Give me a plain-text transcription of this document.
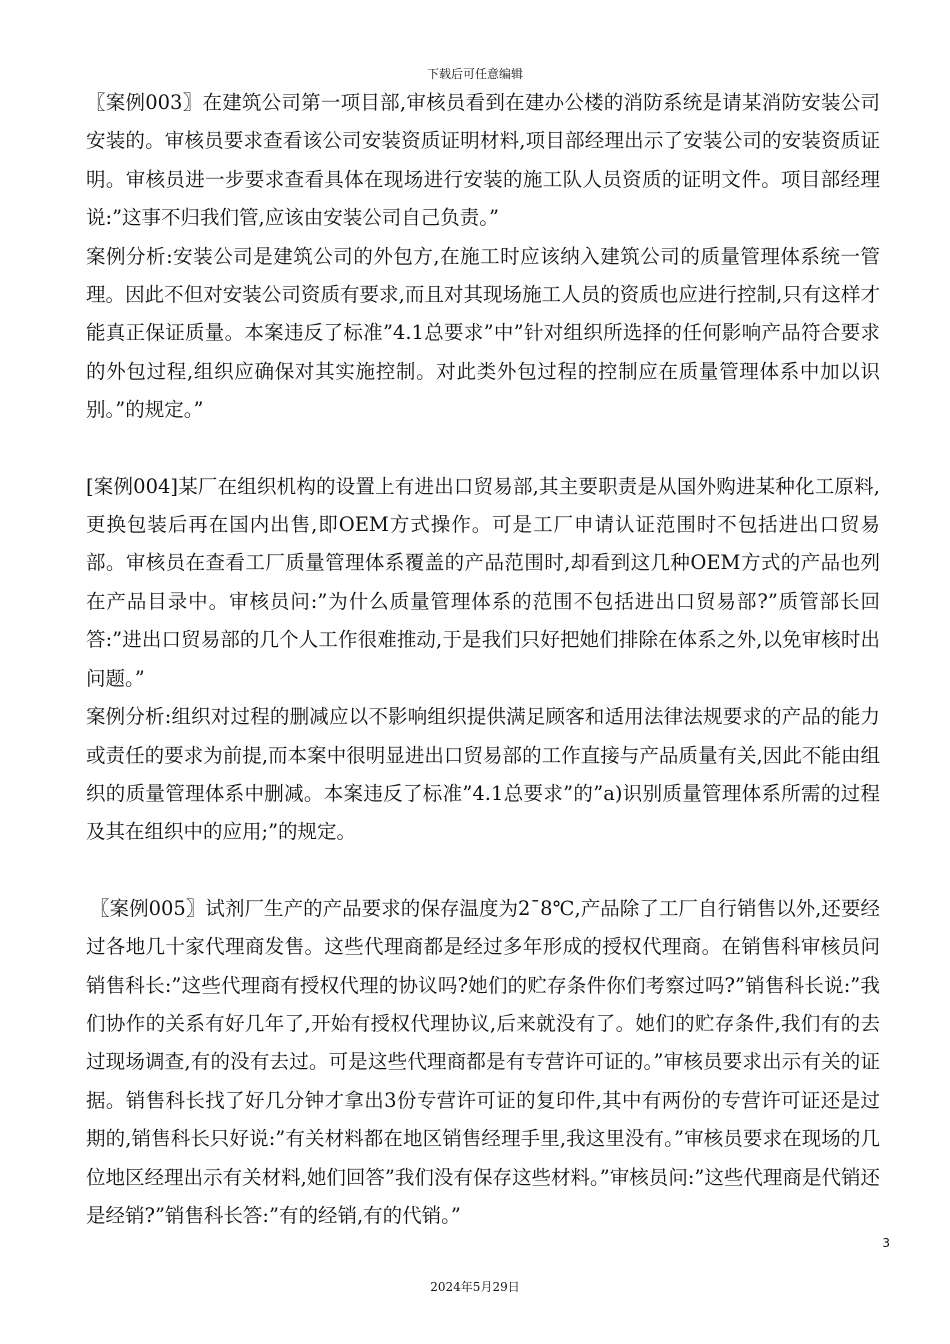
下载后可任意编辑

〖案例003〗在建筑公司第一项目部,审核员看到在建办公楼的消防系统是请某消防安装公司安装的。审核员要求查看该公司安装资质证明材料,项目部经理出示了安装公司的安装资质证明。审核员进一步要求查看具体在现场进行安装的施工队人员资质的证明文件。项目部经理说:”这事不归我们管,应该由安装公司自己负责。”

案例分析:安装公司是建筑公司的外包方,在施工时应该纳入建筑公司的质量管理体系统一管理。因此不但对安装公司资质有要求,而且对其现场施工人员的资质也应进行控制,只有这样才能真正保证质量。本案违反了标准”4.1总要求”中”针对组织所选择的任何影响产品符合要求的外包过程,组织应确保对其实施控制。对此类外包过程的控制应在质量管理体系中加以识别。”的规定。”

[案例004]某厂在组织机构的设置上有进出口贸易部,其主要职责是从国外购进某种化工原料,更换包装后再在国内出售,即OEM方式操作。可是工厂申请认证范围时不包括进出口贸易部。审核员在查看工厂质量管理体系覆盖的产品范围时,却看到这几种OEM方式的产品也列在产品目录中。审核员问:”为什么质量管理体系的范围不包括进出口贸易部?”质管部长回答:”进出口贸易部的几个人工作很难推动,于是我们只好把她们排除在体系之外,以免审核时出问题。”

案例分析:组织对过程的删减应以不影响组织提供满足顾客和适用法律法规要求的产品的能力或责任的要求为前提,而本案中很明显进出口贸易部的工作直接与产品质量有关,因此不能由组织的质量管理体系中删减。本案违反了标准”4.1总要求”的”a)识别质量管理体系所需的过程及其在组织中的应用;”的规定。

〖案例005〗试剂厂生产的产品要求的保存温度为2¯8℃,产品除了工厂自行销售以外,还要经过各地几十家代理商发售。这些代理商都是经过多年形成的授权代理商。在销售科审核员问销售科长:”这些代理商有授权代理的协议吗?她们的贮存条件你们考察过吗?”销售科长说:”我们协作的关系有好几年了,开始有授权代理协议,后来就没有了。她们的贮存条件,我们有的去过现场调查,有的没有去过。可是这些代理商都是有专营许可证的。”审核员要求出示有关的证据。销售科长找了好几分钟才拿出3份专营许可证的复印件,其中有两份的专营许可证还是过期的,销售科长只好说:”有关材料都在地区销售经理手里,我这里没有。”审核员要求在现场的几位地区经理出示有关材料,她们回答”我们没有保存这些材料。”审核员问:”这些代理商是代销还是经销?”销售科长答:”有的经销,有的代销。”

3
2024年5月29日
